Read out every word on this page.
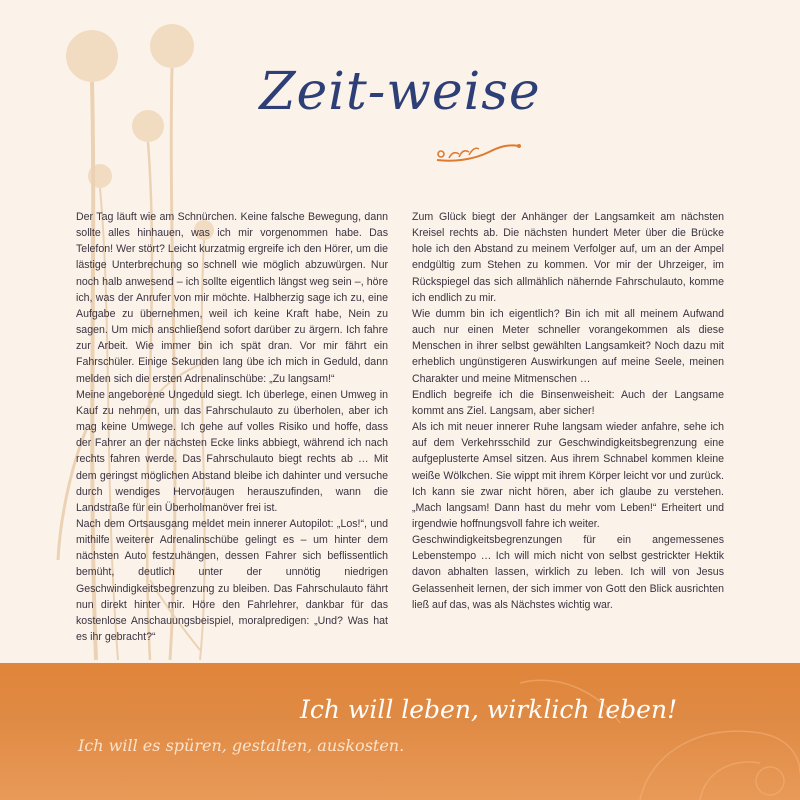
Zeit-weise

Der Tag läuft wie am Schnürchen. Keine falsche Bewegung, dann sollte alles hinhauen, was ich mir vorgenommen habe. Das Telefon! Wer stört? Leicht kurzatmig ergreife ich den Hörer, um die lästige Unterbrechung so schnell wie möglich abzuwürgen. Nur noch halb anwesend – ich sollte eigentlich längst weg sein –, höre ich, was der Anrufer von mir möchte. Halbherzig sage ich zu, eine Aufgabe zu übernehmen, weil ich keine Kraft habe, Nein zu sagen. Um mich anschließend sofort darüber zu ärgern. Ich fahre zur Arbeit. Wie immer bin ich spät dran. Vor mir fährt ein Fahrschüler. Einige Sekunden lang übe ich mich in Geduld, dann melden sich die ersten Adrenalinschübe: „Zu langsam!“

Meine angeborene Ungeduld siegt. Ich überlege, einen Umweg in Kauf zu nehmen, um das Fahrschulauto zu überholen, aber ich mag keine Umwege. Ich gehe auf volles Risiko und hoffe, dass der Fahrer an der nächsten Ecke links abbiegt, während ich nach rechts fahren werde. Das Fahrschulauto biegt rechts ab … Mit dem geringst möglichen Abstand bleibe ich dahinter und versuche durch wendiges Hervoräugen herauszufinden, wann die Landstraße für ein Überholmanöver frei ist.

Nach dem Ortsausgang meldet mein innerer Autopilot: „Los!“, und mithilfe weiterer Adrenalinschübe gelingt es – um hinter dem nächsten Auto festzuhängen, dessen Fahrer sich beflissentlich bemüht, deutlich unter der unnötig niedrigen Geschwindigkeitsbegrenzung zu bleiben. Das Fahrschulauto fährt nun direkt hinter mir. Höre den Fahrlehrer, dankbar für das kostenlose Anschauungsbeispiel, moralpredigen: „Und? Was hat es ihr gebracht?“

Zum Glück biegt der Anhänger der Langsamkeit am nächsten Kreisel rechts ab. Die nächsten hundert Meter über die Brücke hole ich den Abstand zu meinem Verfolger auf, um an der Ampel endgültig zum Stehen zu kommen. Vor mir der Uhrzeiger, im Rückspiegel das sich allmählich nähernde Fahrschulauto, komme ich endlich zu mir.

Wie dumm bin ich eigentlich? Bin ich mit all meinem Aufwand auch nur einen Meter schneller vorangekommen als diese Menschen in ihrer selbst gewählten Langsamkeit? Noch dazu mit erheblich ungünstigeren Auswirkungen auf meine Seele, meinen Charakter und meine Mitmenschen …

Endlich begreife ich die Binsenweisheit: Auch der Langsame kommt ans Ziel. Langsam, aber sicher!

Als ich mit neuer innerer Ruhe langsam wieder anfahre, sehe ich auf dem Verkehrsschild zur Geschwindigkeitsbegrenzung eine aufgeplusterte Amsel sitzen. Aus ihrem Schnabel kommen kleine weiße Wölkchen. Sie wippt mit ihrem Körper leicht vor und zurück. Ich kann sie zwar nicht hören, aber ich glaube zu verstehen. „Mach langsam! Dann hast du mehr vom Leben!“ Erheitert und irgendwie hoffnungsvoll fahre ich weiter.

Geschwindigkeitsbegrenzungen für ein angemessenes Lebenstempo … Ich will mich nicht von selbst gestrickter Hektik davon abhalten lassen, wirklich zu leben. Ich will von Jesus Gelassenheit lernen, der sich immer von Gott den Blick ausrichten ließ auf das, was als Nächstes wichtig war.

Ich will leben, wirklich leben!

Ich will es spüren, gestalten, auskosten.
